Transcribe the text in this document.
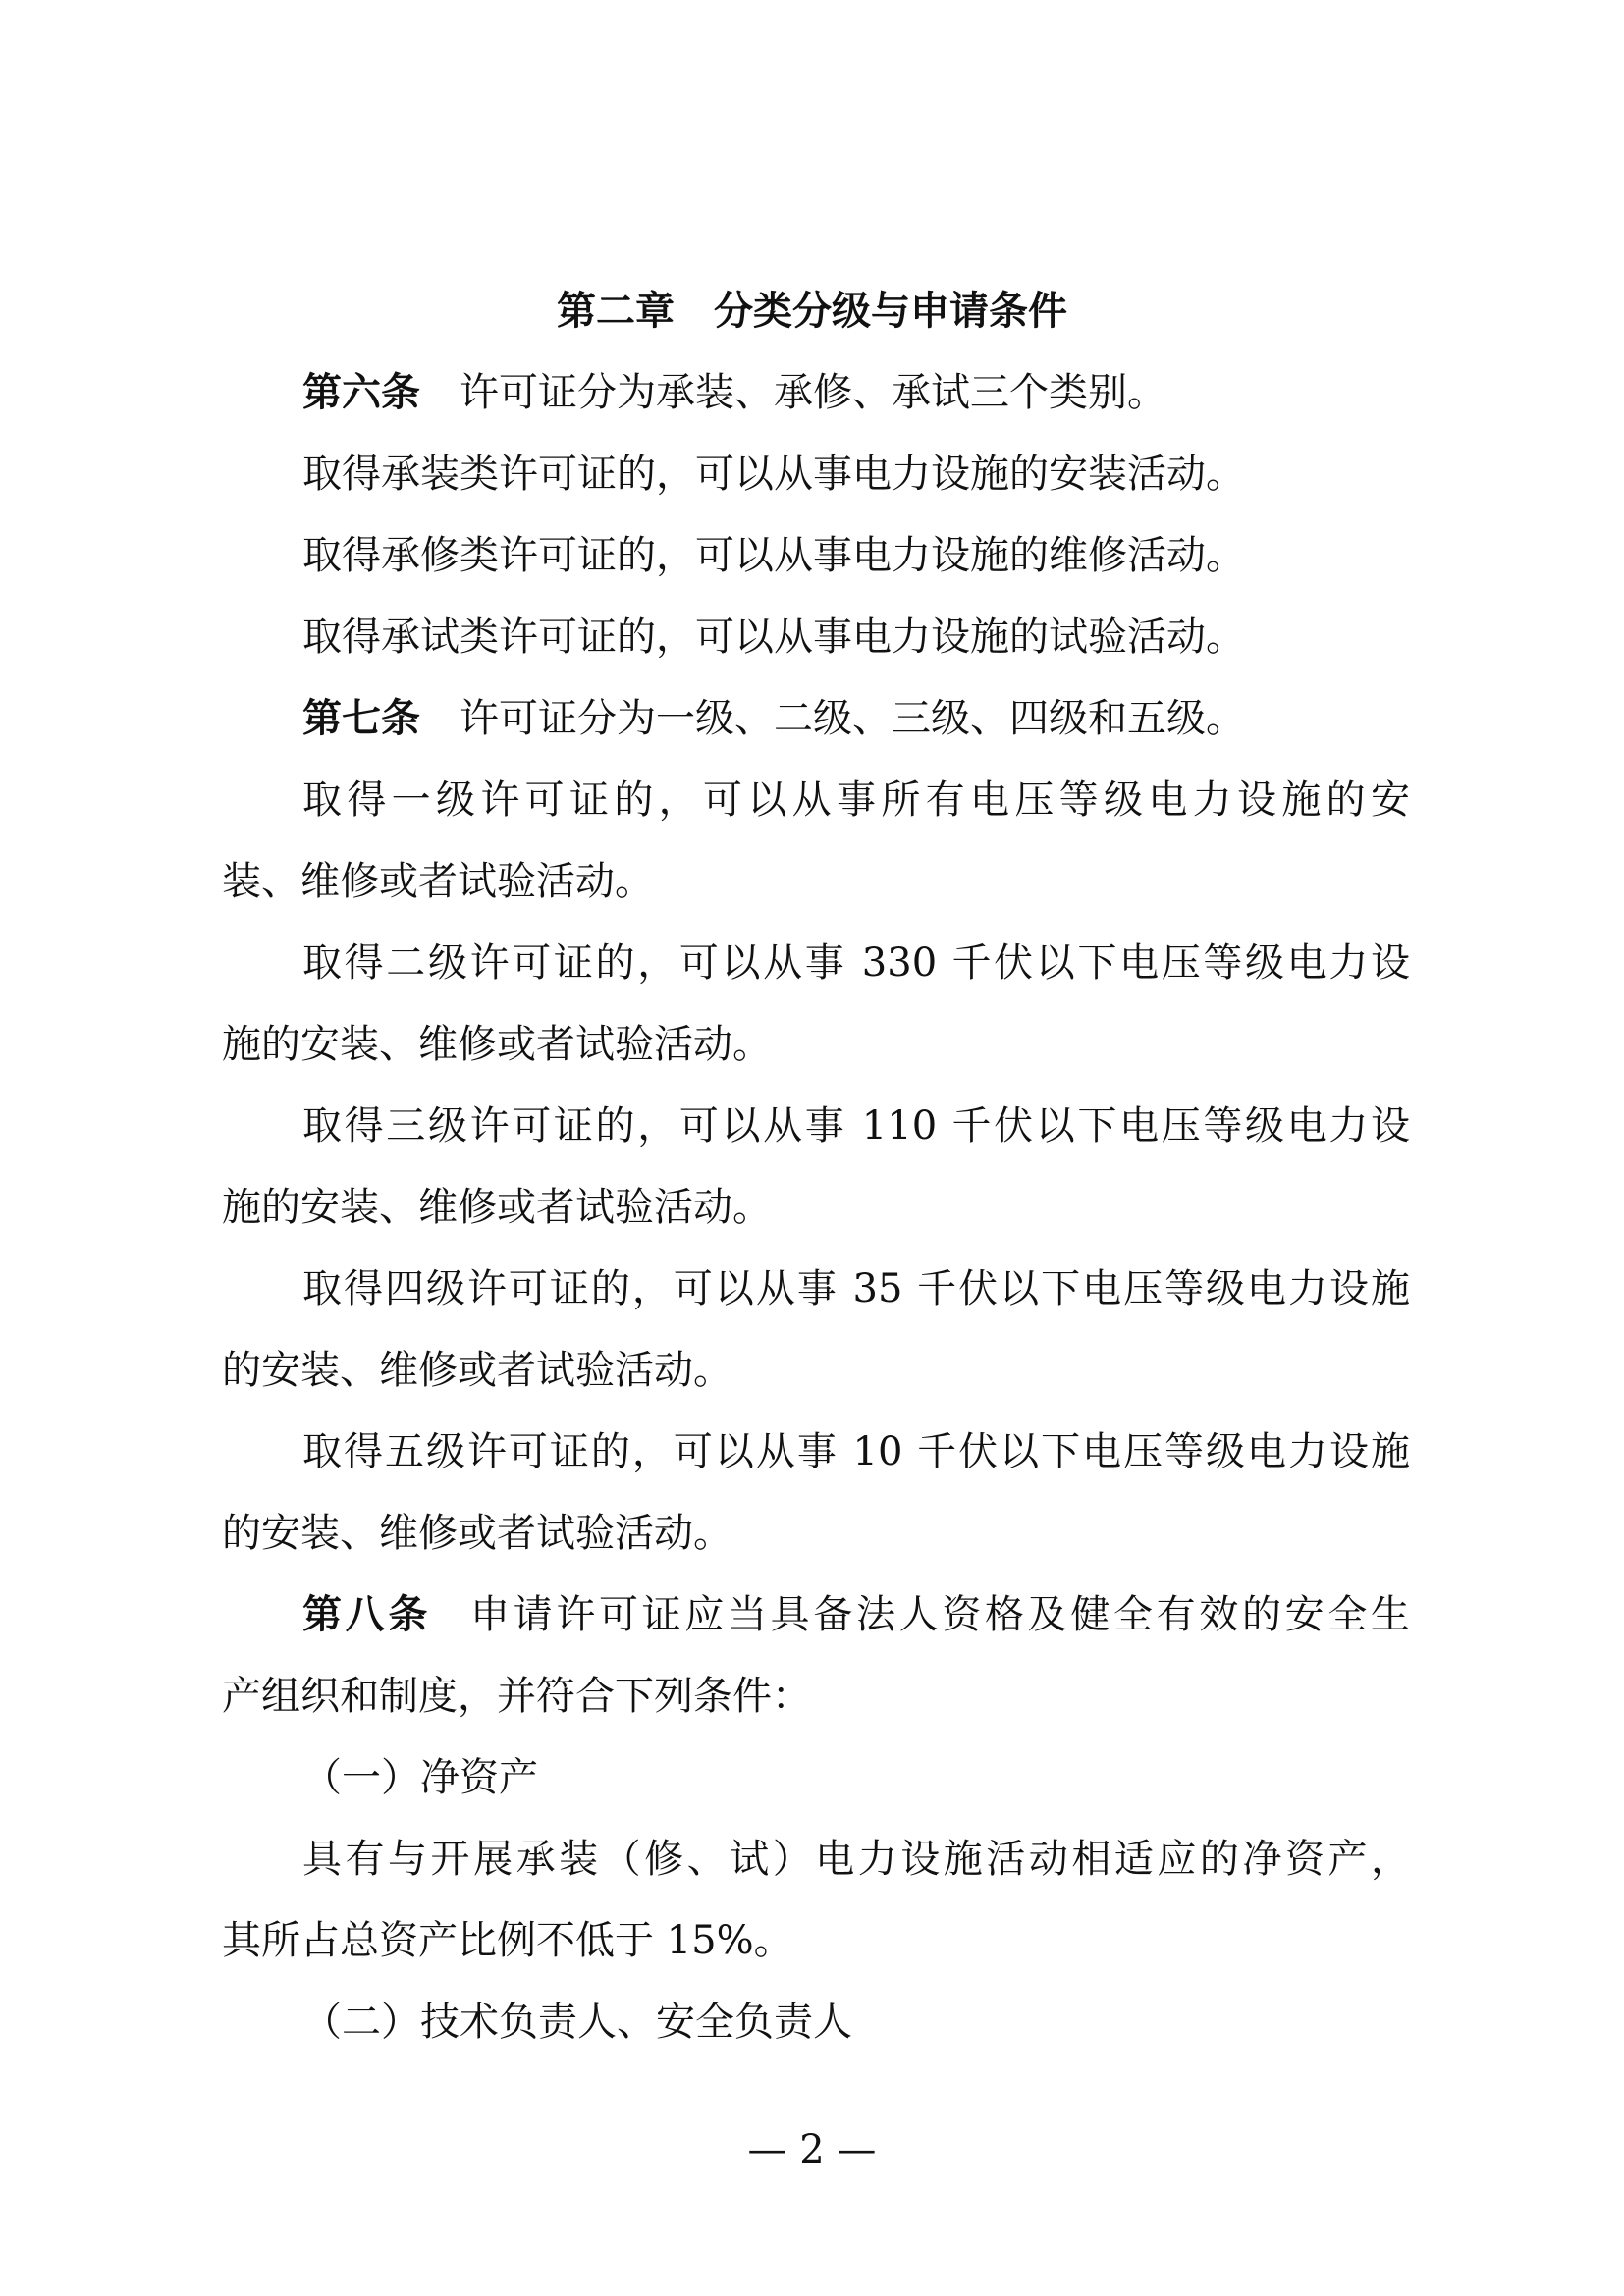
第二章　分类分级与申请条件
第六条 许可证分为承装、承修、承试三个类别。
取得承装类许可证的，可以从事电力设施的安装活动。
取得承修类许可证的，可以从事电力设施的维修活动。
取得承试类许可证的，可以从事电力设施的试验活动。
第七条 许可证分为一级、二级、三级、四级和五级。
取得一级许可证的，可以从事所有电压等级电力设施的安
装、维修或者试验活动。
取得二级许可证的，可以从事 330 千伏以下电压等级电力设
施的安装、维修或者试验活动。
取得三级许可证的，可以从事 110 千伏以下电压等级电力设
施的安装、维修或者试验活动。
取得四级许可证的，可以从事 35 千伏以下电压等级电力设施
的安装、维修或者试验活动。
取得五级许可证的，可以从事 10 千伏以下电压等级电力设施
的安装、维修或者试验活动。
第八条 申请许可证应当具备法人资格及健全有效的安全生
产组织和制度，并符合下列条件：
（一）净资产
具有与开展承装（修、试）电力设施活动相适应的净资产，
其所占总资产比例不低于 15%。
（二）技术负责人、安全负责人
— 2 —
